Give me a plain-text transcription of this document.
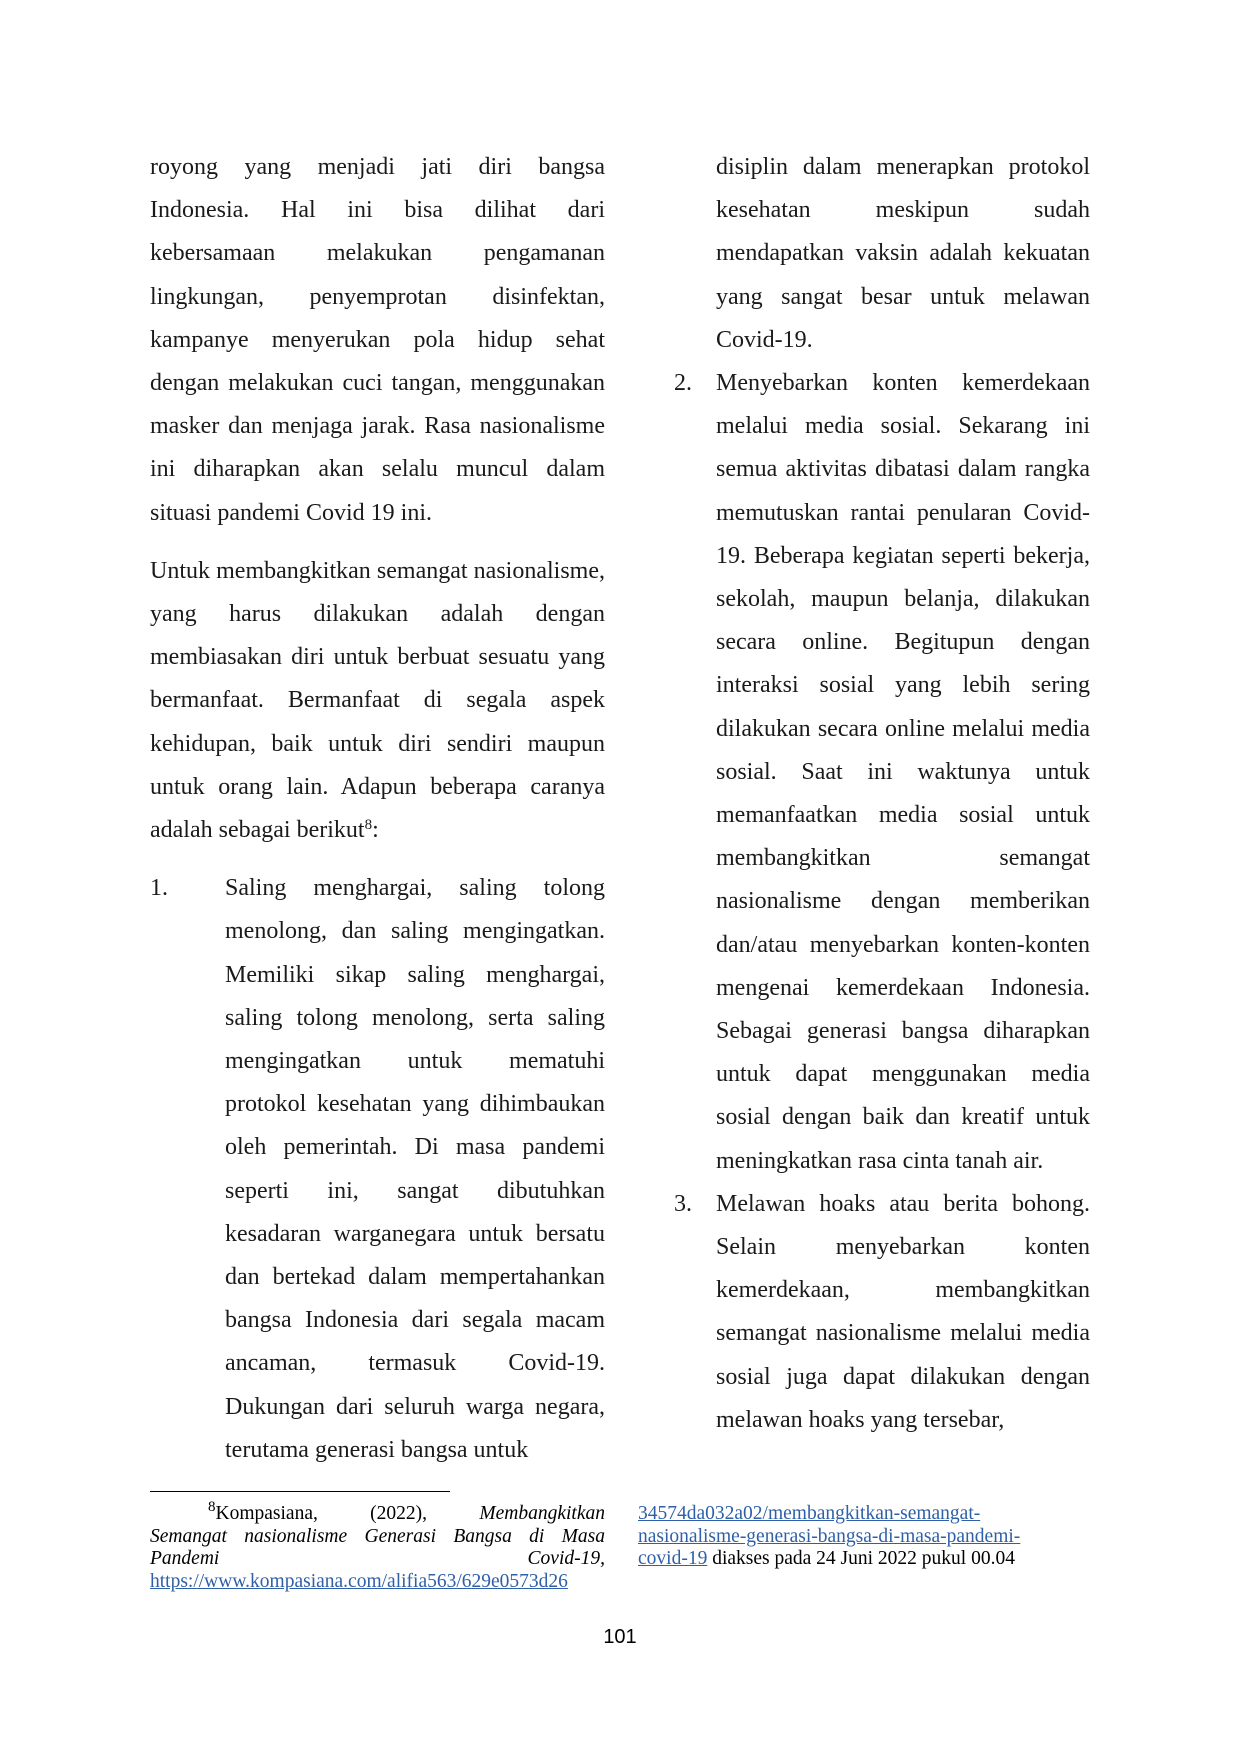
royong yang menjadi jati diri bangsa Indonesia. Hal ini bisa dilihat dari kebersamaan melakukan pengamanan lingkungan, penyemprotan disinfektan, kampanye menyerukan pola hidup sehat dengan melakukan cuci tangan, menggunakan masker dan menjaga jarak. Rasa nasionalisme ini diharapkan akan selalu muncul dalam situasi pandemi Covid 19 ini.

Untuk membangkitkan semangat nasionalisme, yang harus dilakukan adalah dengan membiasakan diri untuk berbuat sesuatu yang bermanfaat. Bermanfaat di segala aspek kehidupan, baik untuk diri sendiri maupun untuk orang lain. Adapun beberapa caranya adalah sebagai berikut$^8$:

1. Saling menghargai, saling tolong menolong, dan saling mengingatkan. Memiliki sikap saling menghargai, saling tolong menolong, serta saling mengingatkan untuk mematuhi protokol kesehatan yang dihimbaukan oleh pemerintah. Di masa pandemi seperti ini, sangat dibutuhkan kesadaran warganegara untuk bersatu dan bertekad dalam mempertahankan bangsa Indonesia dari segala macam ancaman, termasuk Covid-19. Dukungan dari seluruh warga negara, terutama generasi bangsa untuk

disiplin dalam menerapkan protokol kesehatan meskipun sudah mendapatkan vaksin adalah kekuatan yang sangat besar untuk melawan Covid-19.

2. Menyebarkan konten kemerdekaan melalui media sosial. Sekarang ini semua aktivitas dibatasi dalam rangka memutuskan rantai penularan Covid-19. Beberapa kegiatan seperti bekerja, sekolah, maupun belanja, dilakukan secara online. Begitupun dengan interaksi sosial yang lebih sering dilakukan secara online melalui media sosial. Saat ini waktunya untuk memanfaatkan media sosial untuk membangkitkan semangat nasionalisme dengan memberikan dan/atau menyebarkan konten-konten mengenai kemerdekaan Indonesia. Sebagai generasi bangsa diharapkan untuk dapat menggunakan media sosial dengan baik dan kreatif untuk meningkatkan rasa cinta tanah air.

3. Melawan hoaks atau berita bohong. Selain menyebarkan konten kemerdekaan, membangkitkan semangat nasionalisme melalui media sosial juga dapat dilakukan dengan melawan hoaks yang tersebar,

$^8$Kompasiana,	(2022),	Membangkitkan
Semangat nasionalisme Generasi Bangsa di Masa
Pandemi	Covid-19,
https://www.kompasiana.com/alifia563/629e0573d26
34574da032a02/membangkitkan-semangat-
nasionalisme-generasi-bangsa-di-masa-pandemi-
covid-19 diakses pada 24 Juni 2022 pukul 00.04
101
